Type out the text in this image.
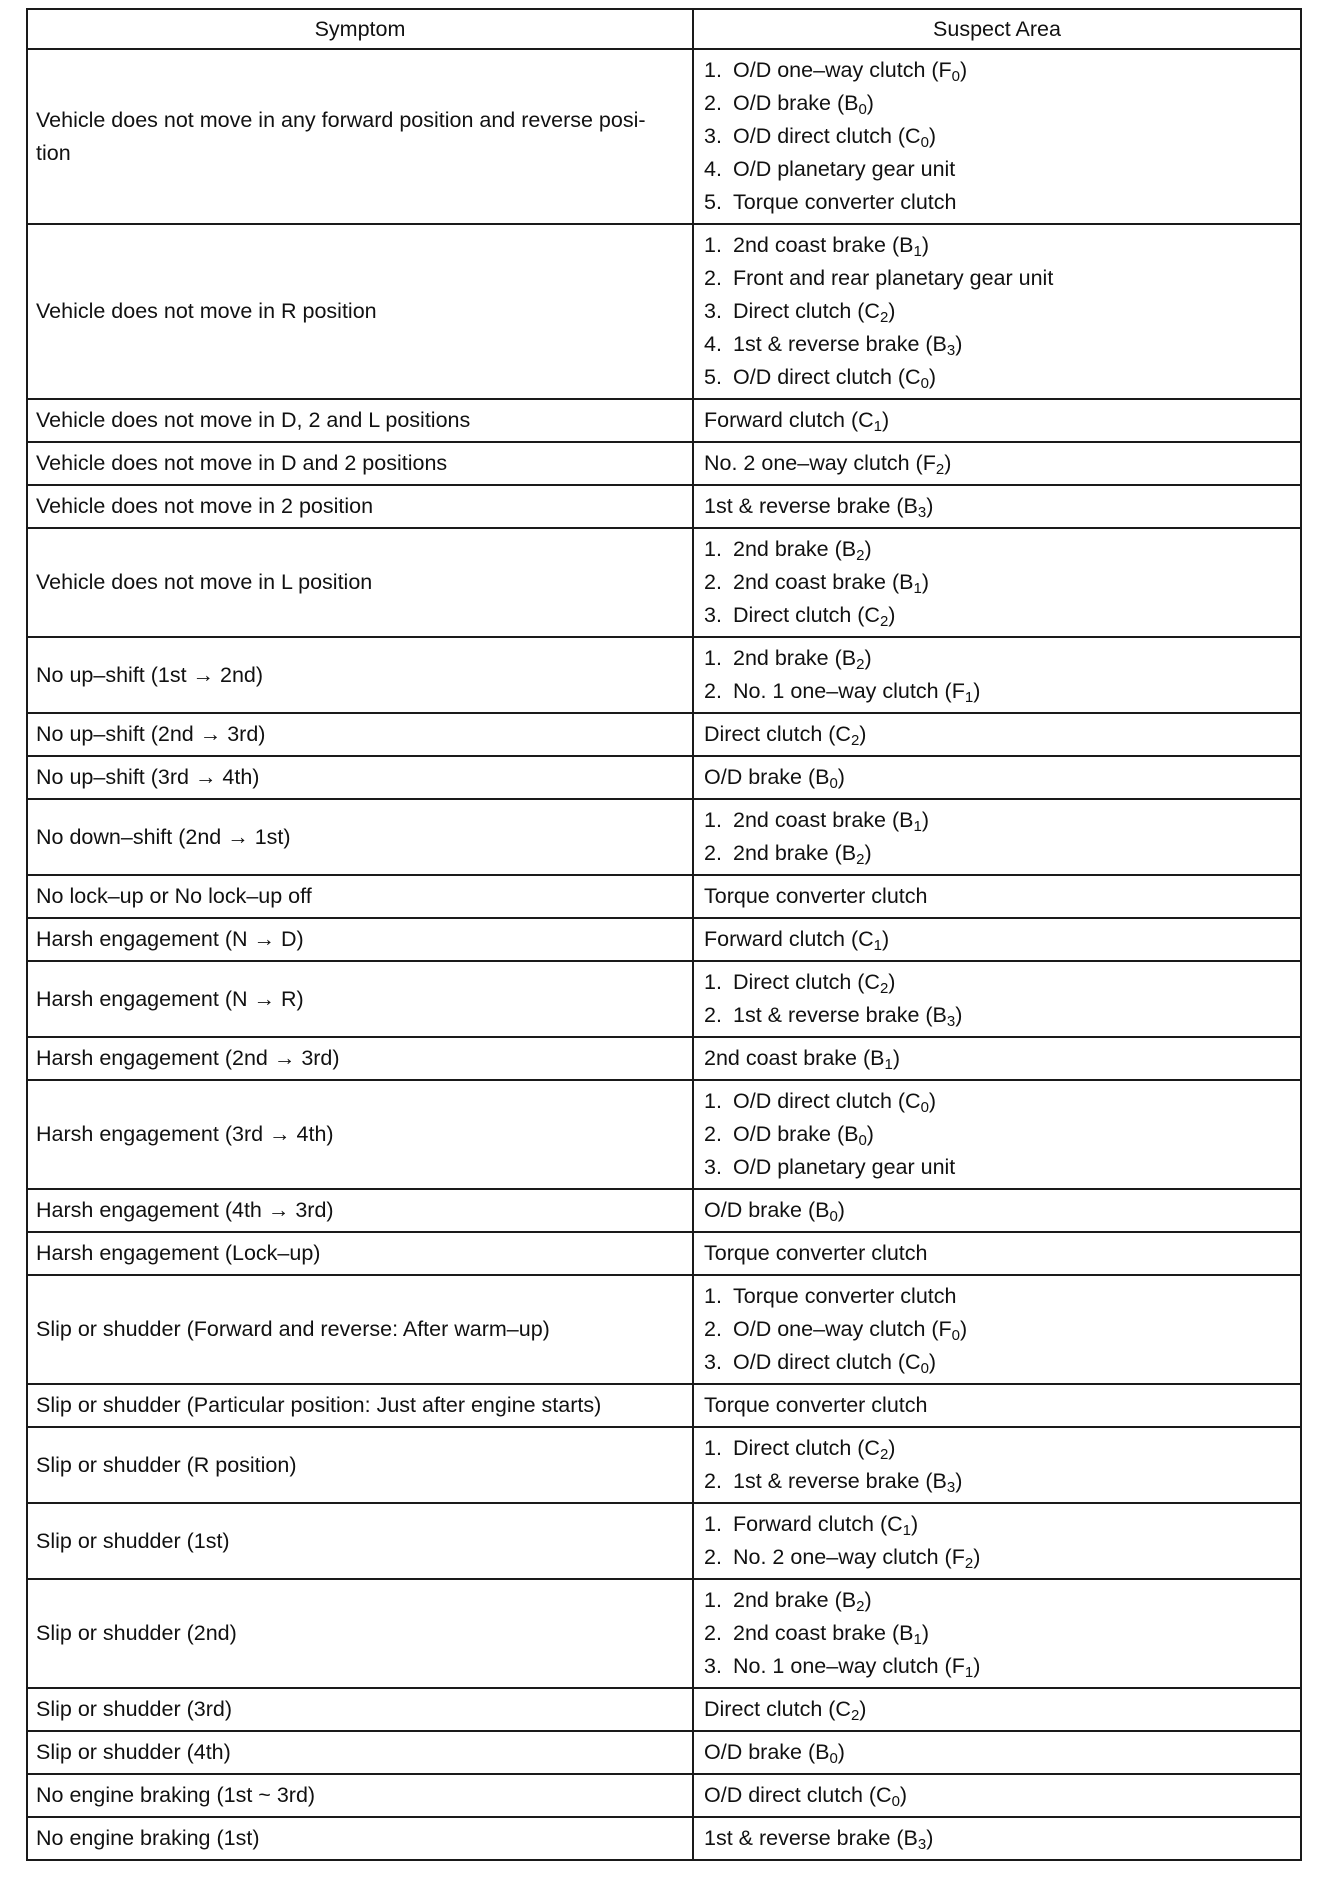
Symptom	Suspect Area
Vehicle does not move in any forward position and reverse posi-
tion	1. O/D one–way clutch $(F_0)$
2. O/D brake $(B_0)$
3. O/D direct clutch $(C_0)$
4. O/D planetary gear unit
5. Torque converter clutch

Vehicle does not move in R position	1. 2nd coast brake $(B_1)$
2. Front and rear planetary gear unit
3. Direct clutch $(C_2)$
4. 1st & reverse brake $(B_3)$
5. O/D direct clutch $(C_0)$

Vehicle does not move in D, 2 and L positions	Forward clutch $(C_1)$

Vehicle does not move in D and 2 positions	No. 2 one–way clutch $(F_2)$

Vehicle does not move in 2 position	1st & reverse brake $(B_3)$

Vehicle does not move in L position	1. 2nd brake $(B_2)$
2. 2nd coast brake $(B_1)$
3. Direct clutch $(C_2)$

No up–shift (1st → 2nd)	1. 2nd brake $(B_2)$
2. No. 1 one–way clutch $(F_1)$

No up–shift (2nd → 3rd)	Direct clutch $(C_2)$

No up–shift (3rd → 4th)	O/D brake $(B_0)$

No down–shift (2nd → 1st)	1. 2nd coast brake $(B_1)$
2. 2nd brake $(B_2)$

No lock–up or No lock–up off	Torque converter clutch

Harsh engagement (N → D)	Forward clutch $(C_1)$

Harsh engagement (N → R)	1. Direct clutch $(C_2)$
2. 1st & reverse brake $(B_3)$

Harsh engagement (2nd → 3rd)	2nd coast brake $(B_1)$

Harsh engagement (3rd → 4th)	1. O/D direct clutch $(C_0)$
2. O/D brake $(B_0)$
3. O/D planetary gear unit

Harsh engagement (4th → 3rd)	O/D brake $(B_0)$

Harsh engagement (Lock–up)	Torque converter clutch

Slip or shudder (Forward and reverse: After warm–up)	1. Torque converter clutch
2. O/D one–way clutch $(F_0)$
3. O/D direct clutch $(C_0)$

Slip or shudder (Particular position: Just after engine starts)	Torque converter clutch

Slip or shudder (R position)	1. Direct clutch $(C_2)$
2. 1st & reverse brake $(B_3)$

Slip or shudder (1st)	1. Forward clutch $(C_1)$
2. No. 2 one–way clutch $(F_2)$

Slip or shudder (2nd)	1. 2nd brake $(B_2)$
2. 2nd coast brake $(B_1)$
3. No. 1 one–way clutch $(F_1)$

Slip or shudder (3rd)	Direct clutch $(C_2)$

Slip or shudder (4th)	O/D brake $(B_0)$

No engine braking (1st ~ 3rd)	O/D direct clutch $(C_0)$

No engine braking (1st)	1st & reverse brake $(B_3)$
